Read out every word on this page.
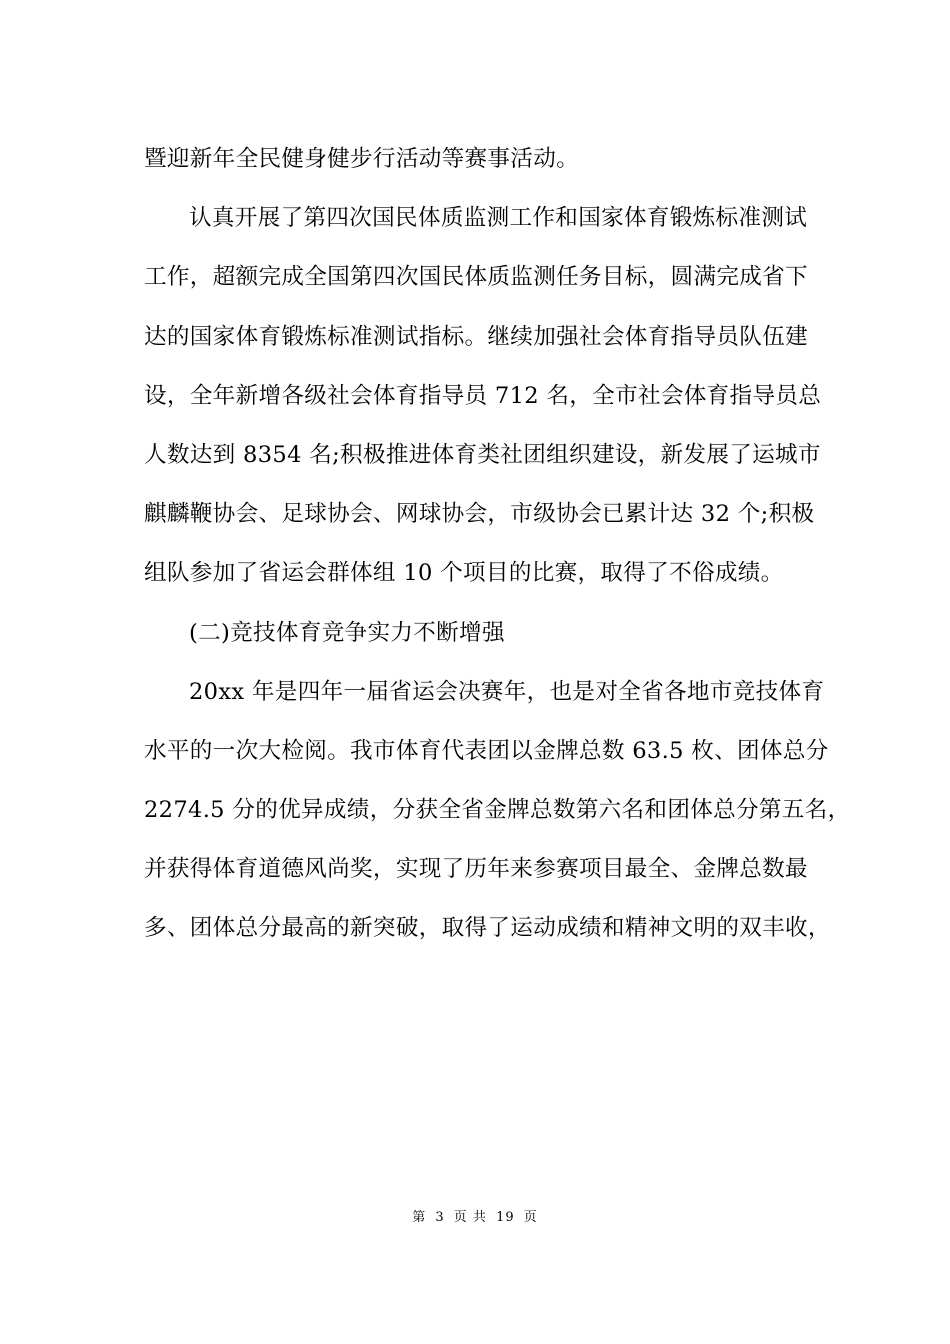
暨迎新年全民健身健步行活动等赛事活动。
认真开展了第四次国民体质监测工作和国家体育锻炼标准测试
工作，超额完成全国第四次国民体质监测任务目标，圆满完成省下
达的国家体育锻炼标准测试指标。继续加强社会体育指导员队伍建
设，全年新增各级社会体育指导员 712 名，全市社会体育指导员总
人数达到 8354 名;积极推进体育类社团组织建设，新发展了运城市
麒麟鞭协会、足球协会、网球协会，市级协会已累计达 32 个;积极
组队参加了省运会群体组 10 个项目的比赛，取得了不俗成绩。
(二)竞技体育竞争实力不断增强
20xx 年是四年一届省运会决赛年，也是对全省各地市竞技体育
水平的一次大检阅。我市体育代表团以金牌总数 63.5 枚、团体总分
2274.5 分的优异成绩，分获全省金牌总数第六名和团体总分第五名，
并获得体育道德风尚奖，实现了历年来参赛项目最全、金牌总数最
多、团体总分最高的新突破，取得了运动成绩和精神文明的双丰收，
第 3 页 共 19 页
